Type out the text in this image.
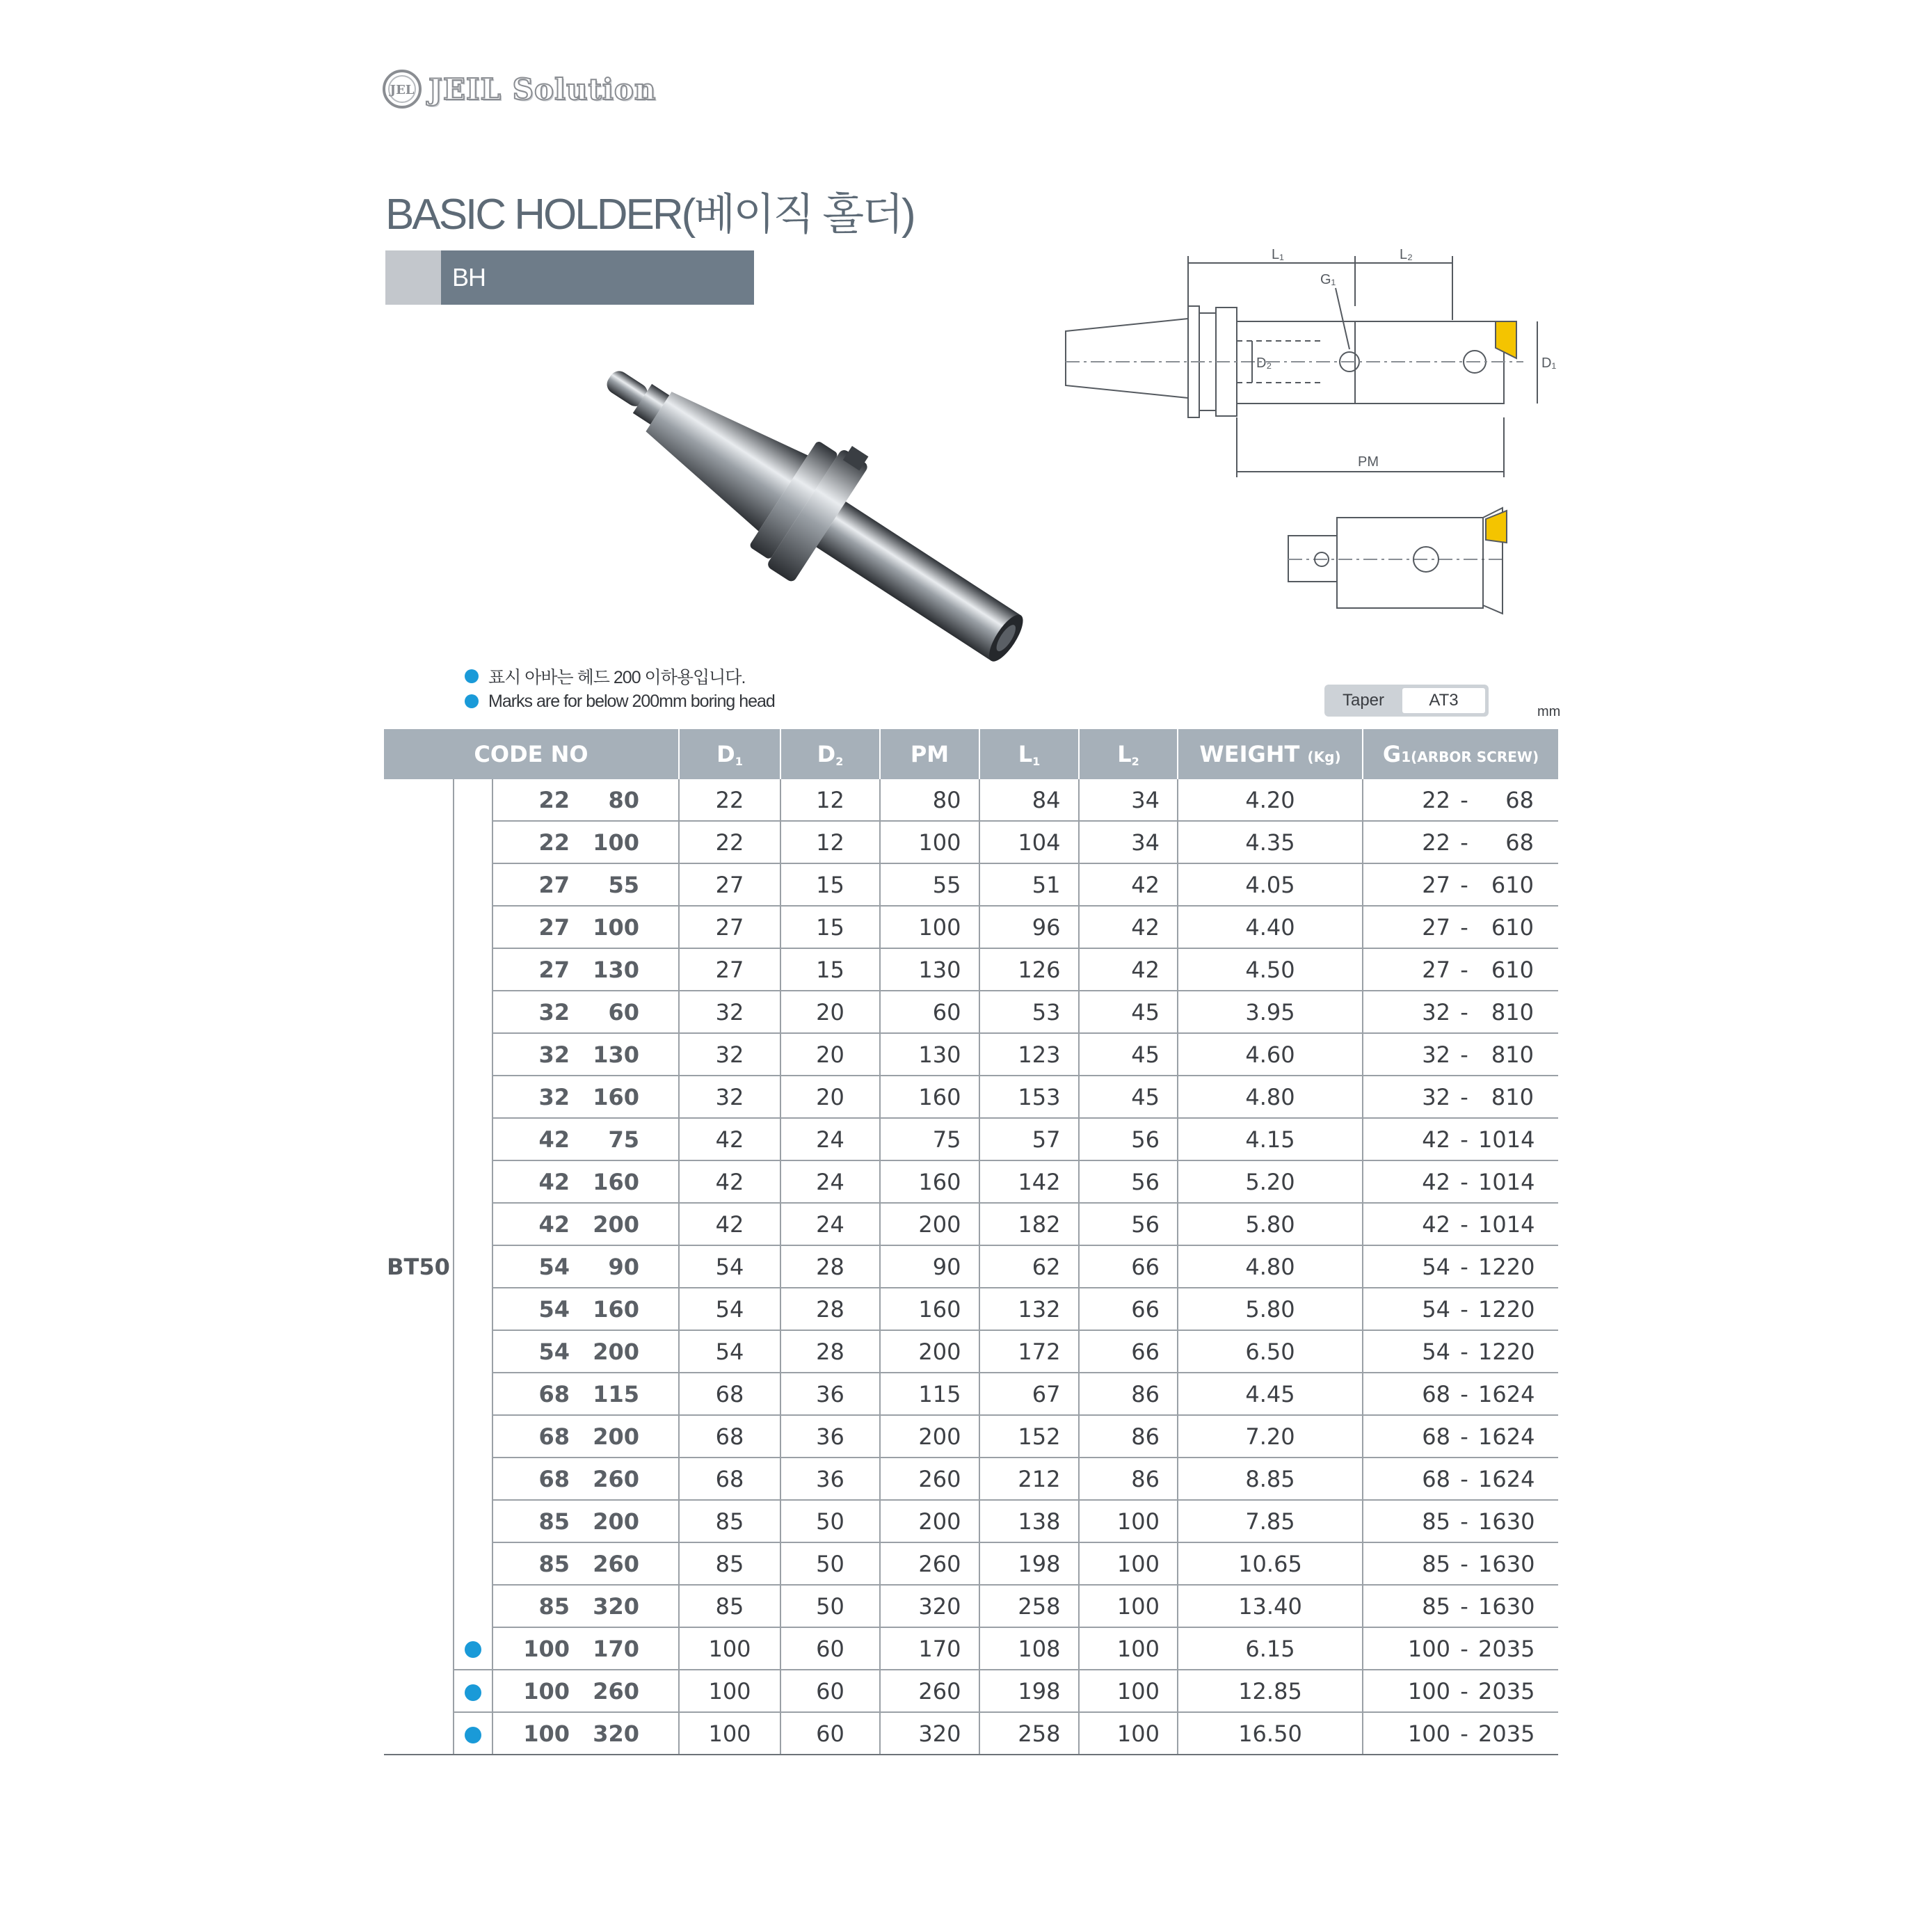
JEL JEIL Solution
BASIC HOLDER(베이직 홀더)
BH
L₁	L₂
G₁
D₁
D₂
PM
표시 아바는 헤드 200 이하용입니다.
Marks are for below 200mm boring head	Taper	AT3
mm
CODE NO			$D_1$	$D_2$	PM	$L_1$	$L_2$	WEIGHT (Kg)	G1(ARBOR SCREW)
BT50		22 80	22	12	80	84	34	4.20	22 - 68
		22 100	22	12	100	104	34	4.35	22 - 68
		27 55	27	15	55	51	42	4.05	27 - 610
		27 100	27	15	100	96	42	4.40	27 - 610
		27 130	27	15	130	126	42	4.50	27 - 610
		32 60	32	20	60	53	45	3.95	32 - 810
		32 130	32	20	130	123	45	4.60	32 - 810
		32 160	32	20	160	153	45	4.80	32 - 810
		42 75	42	24	75	57	56	4.15	42 - 1014
		42 160	42	24	160	142	56	5.20	42 - 1014
		42 200	42	24	200	182	56	5.80	42 - 1014
		54 90	54	28	90	62	66	4.80	54 - 1220
		54 160	54	28	160	132	66	5.80	54 - 1220
		54 200	54	28	200	172	66	6.50	54 - 1220
		68 115	68	36	115	67	86	4.45	68 - 1624
		68 200	68	36	200	152	86	7.20	68 - 1624
		68 260	68	36	260	212	86	8.85	68 - 1624
		85 200	85	50	200	138	100	7.85	85 - 1630
		85 260	85	50	260	198	100	10.65	85 - 1630
		85 320	85	50	320	258	100	13.40	85 - 1630
		100 170	100	60	170	108	100	6.15	100 - 2035
		100 260	100	60	260	198	100	12.85	100 - 2035
		100 320	100	60	320	258	100	16.50	100 - 2035
